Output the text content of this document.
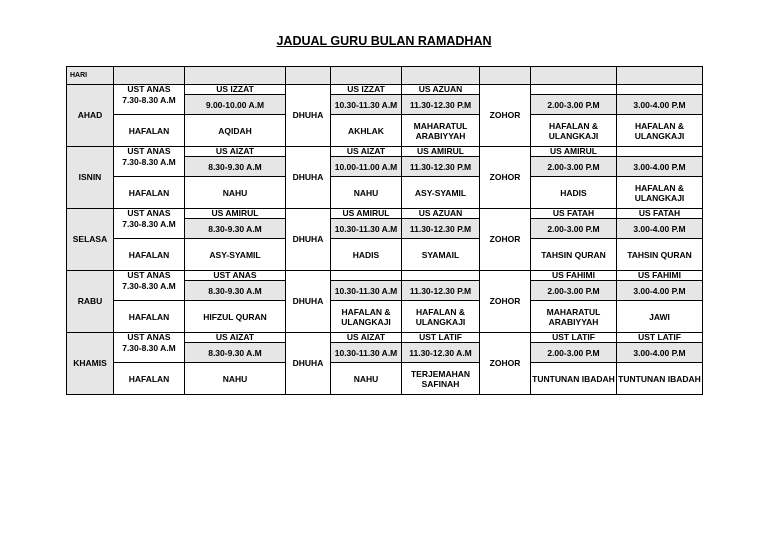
JADUAL GURU BULAN RAMADHAN
HARI								
AHAD	UST ANAS	US IZZAT	DHUHA	US IZZAT	US AZUAN	ZOHOR		
	7.30-8.30 A.M	9.00-10.00 A.M		10.30-11.30 A.M	11.30-12.30 P.M		2.00-3.00 P.M	3.00-4.00 P.M
	HAFALAN	AQIDAH		AKHLAK	MAHARATUL ARABIYYAH		HAFALAN & ULANGKAJI	HAFALAN & ULANGKAJI
ISNIN	UST ANAS	US AIZAT	DHUHA	US AIZAT	US AMIRUL	ZOHOR	US AMIRUL	
	7.30-8.30 A.M	8.30-9.30 A.M		10.00-11.00 A.M	11.30-12.30 P.M		2.00-3.00 P.M	3.00-4.00 P.M
	HAFALAN	NAHU		NAHU	ASY-SYAMIL		HADIS	HAFALAN & ULANGKAJI
SELASA	UST ANAS	US AMIRUL	DHUHA	US AMIRUL	US AZUAN	ZOHOR	US FATAH	US FATAH
	7.30-8.30 A.M	8.30-9.30 A.M		10.30-11.30 A.M	11.30-12.30 P.M		2.00-3.00 P.M	3.00-4.00 P.M
	HAFALAN	ASY-SYAMIL		HADIS	SYAMAIL		TAHSIN QURAN	TAHSIN QURAN
RABU	UST ANAS	UST ANAS	DHUHA			ZOHOR	US FAHIMI	US FAHIMI
	7.30-8.30 A.M	8.30-9.30 A.M		10.30-11.30 A.M	11.30-12.30 P.M		2.00-3.00 P.M	3.00-4.00 P.M
	HAFALAN	HIFZUL QURAN		HAFALAN & ULANGKAJI	HAFALAN & ULANGKAJI		MAHARATUL ARABIYYAH	JAWI
KHAMIS	UST ANAS	US AIZAT	DHUHA	US AIZAT	UST LATIF	ZOHOR	UST LATIF	UST LATIF
	7.30-8.30 A.M	8.30-9.30 A.M		10.30-11.30 A.M	11.30-12.30 A.M		2.00-3.00 P.M	3.00-4.00 P.M
	HAFALAN	NAHU		NAHU	TERJEMAHAN SAFINAH		TUNTUNAN IBADAH	TUNTUNAN IBADAH
